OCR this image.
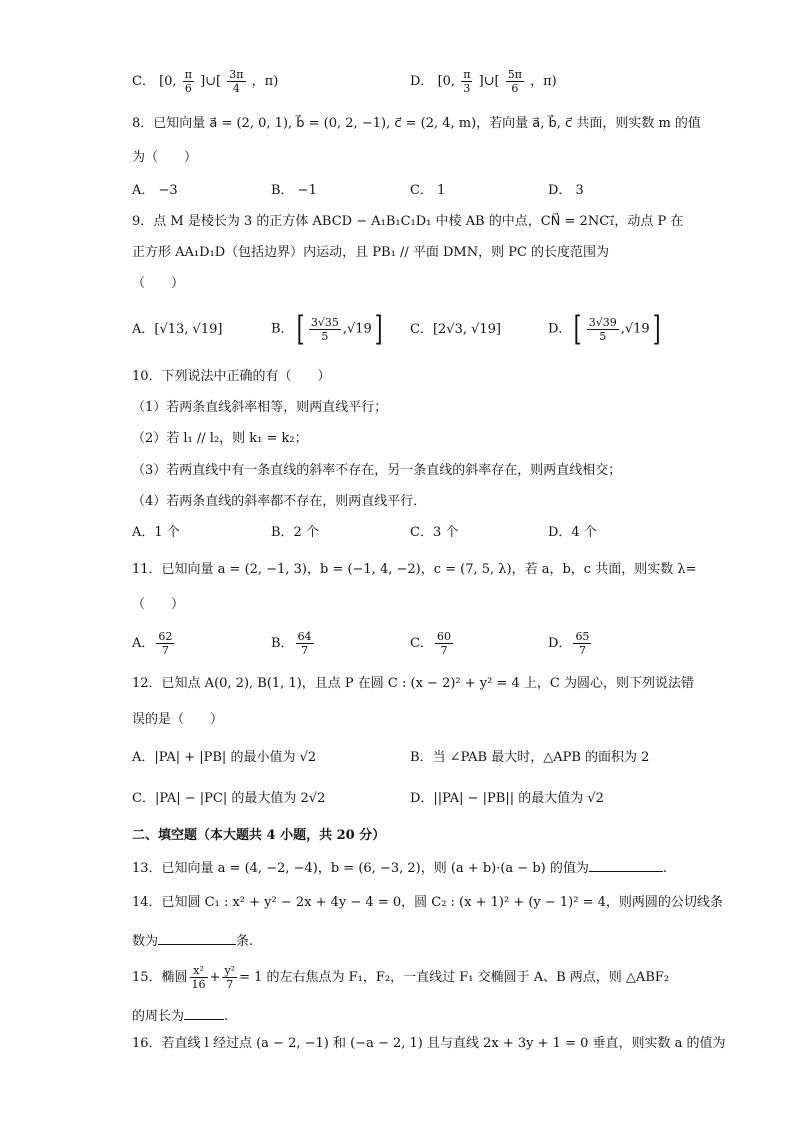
C． [0, $\frac{\pi}{6}$ ]∪[ $\frac{3\pi}{4}$ ，π)	D． [0, $\frac{\pi}{3}$ ]∪[ $\frac{5\pi}{6}$ ，π)
8．已知向量 a⃗ = (2, 0, 1), b⃗ = (0, 2, −1), c⃗ = (2, 4, m)，若向量 a⃗, b⃗, c⃗ 共面，则实数 m 的值
为（　　）
A． −3	B． −1	C． 1	D． 3
9．点 M 是棱长为 3 的正方体 ABCD − A₁B₁C₁D₁ 中棱 AB 的中点，CN⃗ = 2NC₁⃗，动点 P 在
正方形 AA₁D₁D（包括边界）内运动，且 PB₁ // 平面 DMN，则 PC 的长度范围为
（　　）
A．[√13, √19]	B．[ $\frac{3√35}{5} ,√19$] C．[2√3, √19]	D．[ $\frac{3√39}{5} ,√19$]
10．下列说法中正确的有（　　）
（1）若两条直线斜率相等，则两直线平行；
（2）若 l₁ // l₂，则 k₁ = k₂；
（3）若两直线中有一条直线的斜率不存在，另一条直线的斜率存在，则两直线相交；
（4）若两条直线的斜率都不存在，则两直线平行．
A．1 个	B．2 个	C．3 个	D．4 个
11．已知向量 a = (2, −1, 3)，b = (−1, 4, −2)，c = (7, 5, λ)，若 a，b，c 共面，则实数 λ=
（　　）
A． $\frac{62}{7}$	B． $\frac{64}{7}$	C． $\frac{60}{7}$	D． $\frac{65}{7}$
12．已知点 A(0, 2), B(1, 1)，且点 P 在圆 C : (x − 2)² + y² = 4 上，C 为圆心，则下列说法错
误的是（　　）
A．|PA| + |PB| 的最小值为 √2	B．当 ∠PAB 最大时，△APB 的面积为 2
C．|PA| − |PC| 的最大值为 2√2	D．||PA| − |PB|| 的最大值为 √2
二、填空题（本大题共 4 小题，共 20 分）
13．已知向量 a = (4, −2, −4)，b = (6, −3, 2)，则 (a + b)·(a − b) 的值为	.
14．已知圆 C₁ : x² + y² − 2x + 4y − 4 = 0，圆 C₂ : (x + 1)² + (y − 1)² = 4，则两圆的公切线条
数为	条.
15．椭圆 $\frac{\text{x²}}{16} + \frac{\text{y²}}{7} = 1$ 的左右焦点为 F₁，F₂，一直线过 F₁ 交椭圆于 A、B 两点，则 △ABF₂
的周长为	.
16．若直线 l 经过点 (a − 2, −1) 和 (−a − 2, 1) 且与直线 2x + 3y + 1 = 0 垂直，则实数 a 的值为
